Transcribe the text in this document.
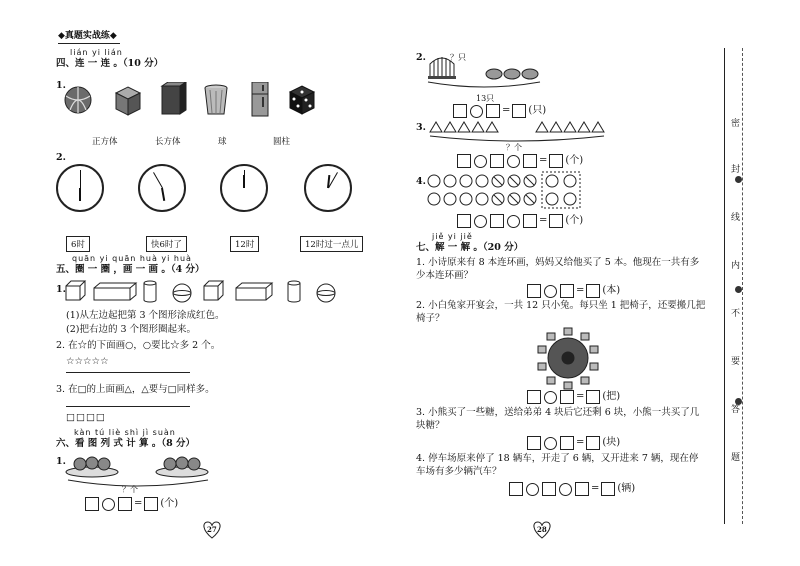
◆真题实战练◆
lián yi lián
四、连 一 连 。（10 分）
1.
正方体	长方体	球	圆柱
2.
6时	快6时了	12时	12时过一点儿
quān yi quān huà yi huà
五、圈 一 圈 ，画 一 画 。（4 分）
1.
(1)从左边起把第 3 个图形涂成红色。
(2)把右边的 3 个图形圈起来。
2. 在☆的下面画○，○要比☆多 2 个。
☆☆☆☆☆
3. 在□的上面画△，△要与□同样多。
□□□□
kàn tú liè shì jì suàn
六、看 图 列 式 计 算 。（8 分）
1.
？个
= (个)
27
2.	？只
13只
= (只)
3.
？个
= (个)
4.
= (个)
jiě yi jiě
七、解 一 解 。（20 分）
1. 小诗原来有 8 本连环画，妈妈又给他买了 5 本。他现在一共有多少本连环画？
= (本)
2. 小白兔家开宴会，一共 12 只小兔。每只坐 1 把椅子，还要搬几把椅子？
= (把)
3. 小熊买了一些糖，送给弟弟 4 块后它还剩 6 块，小熊一共买了几块糖？
= (块)
4. 停车场原来停了 18 辆车，开走了 6 辆，又开进来 7 辆，现在停车场有多少辆汽车？
= (辆)
28
密
封
线
内
不
要
答
题
